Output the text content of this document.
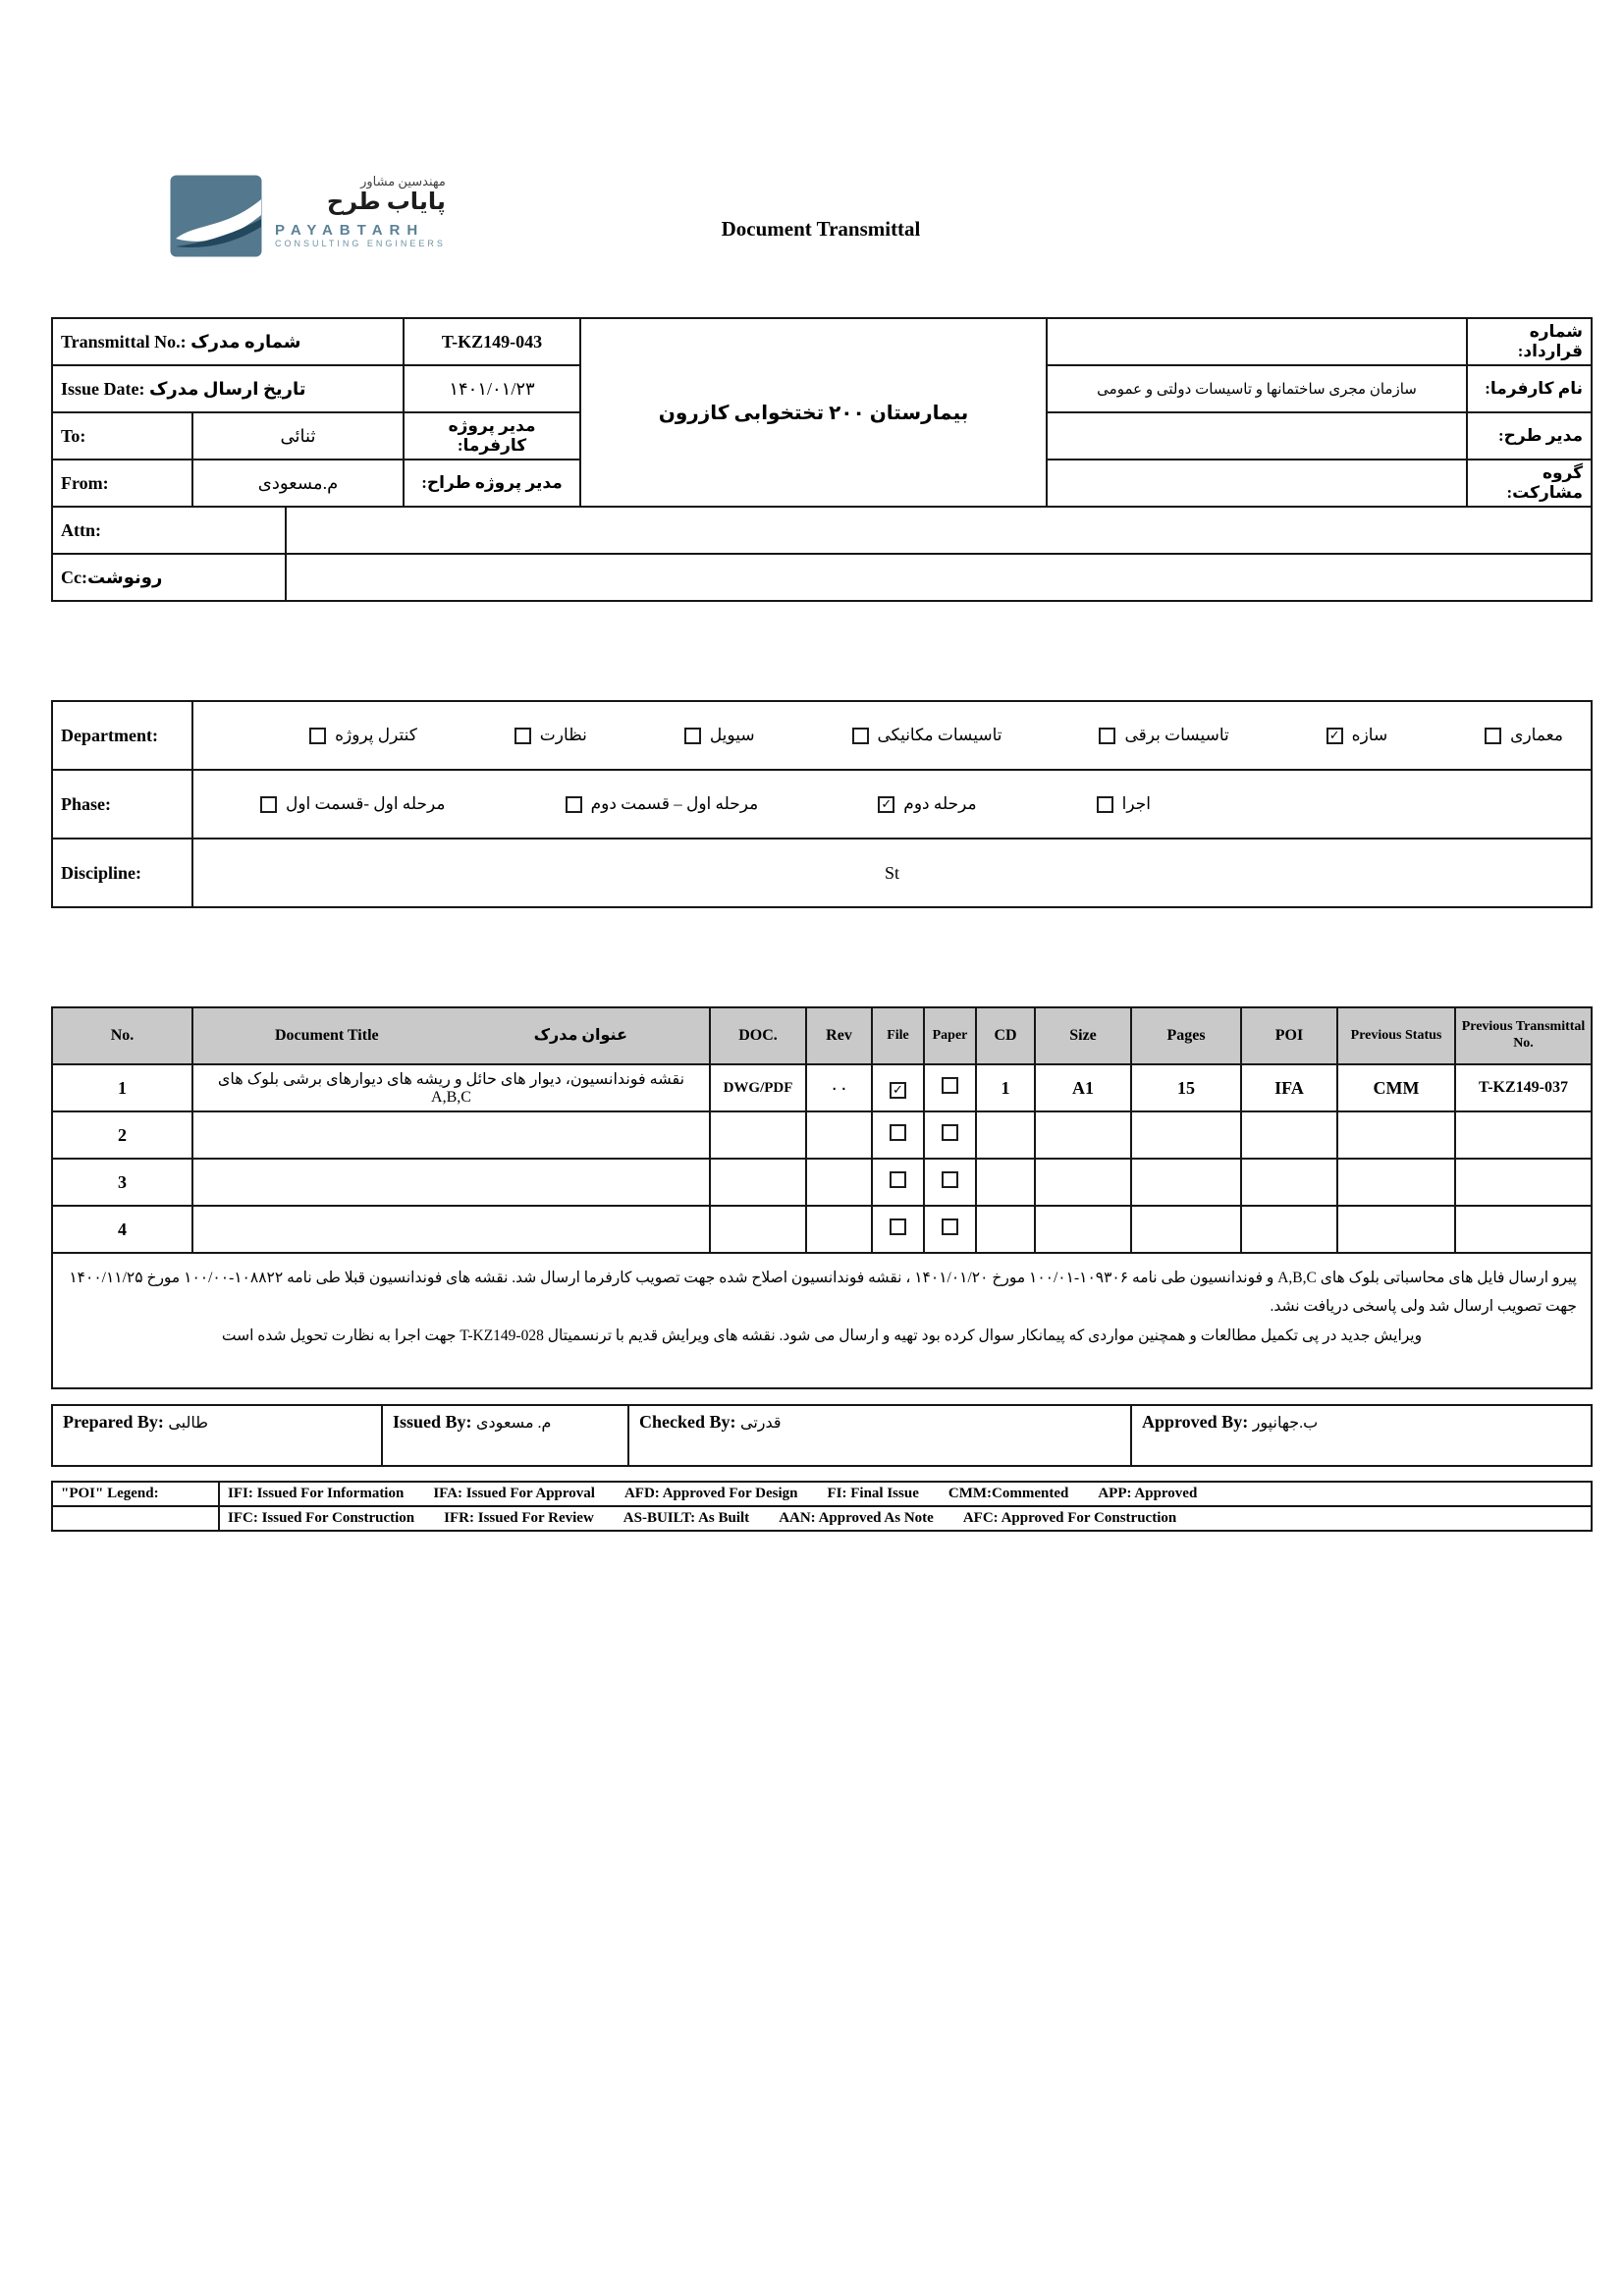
مهندسین مشاور
پایاب طرح
PAYABTARH
CONSULTING ENGINEERS
Document Transmittal
Transmittal No.: شماره مدرک			T-KZ149-043	بیمارستان ۲۰۰ تختخوابی کازرون		شماره قرارداد:
Issue Date: تاریخ ارسال مدرک			۱۴۰۱/۰۱/۲۳		سازمان مجری ساختمانها و تاسیسات دولتی و عمومی	نام کارفرما:
To:	ثنائی		مدیر پروژه کارفرما:			مدیر طرح:
From:	م.مسعودی		مدیر پروژه طراح:			گروه مشارکت:
Attn:						
Cc:رونوشت						
Department:	معماری
سازه
✓
تاسیسات برقی
تاسیسات مکانیکی
سیویل
نظارت
کنترل پروژه

Phase:	اجرا
مرحله دوم
✓
مرحله اول – قسمت دوم
مرحله اول -قسمت اول

Discipline:	St
No.	Document Title عنوان مدرک	DOC.	Rev	File	Paper	CD	Size	Pages	POI	Previous Status	Previous Transmittal No.
1	نقشه فوندانسیون، دیوار های حائل و ریشه های دیوارهای برشی بلوک های A,B,C	DWG/PDF	۰۰	✓		1	A1	15	IFA	CMM	T-KZ149-037
2											
3											
4											

پیرو ارسال فایل های محاسباتی بلوک های A,B,C و فوندانسیون طی نامه ۱۰۹۳۰۶-۱۰۰/۰۱ مورخ ۱۴۰۱/۰۱/۲۰ ، نقشه فوندانسیون اصلاح شده جهت تصویب کارفرما ارسال شد. نقشه های فوندانسیون قبلا طی نامه ۱۰۸۸۲۲-۱۰۰/۰۰ مورخ ۱۴۰۰/۱۱/۲۵ جهت تصویب ارسال شد ولی پاسخی دریافت نشد.
ویرایش جدید در پی تکمیل مطالعات و همچنین مواردی که پیمانکار سوال کرده بود تهیه و ارسال می شود. نقشه های ویرایش قدیم با ترنسمیتال T-KZ149-028 جهت اجرا به نظارت تحویل شده است											
Prepared By: طالبی	Issued By: م. مسعودی	Checked By: قدرتی	Approved By: ب.جهانپور
"POI" Legend:	IFI: Issued For Information IFA: Issued For Approval AFD: Approved For Design FI: Final Issue CMM:Commented APP: Approved

	IFC: Issued For Construction IFR: Issued For Review AS-BUILT: As Built AAN: Approved As Note AFC: Approved For Construction
